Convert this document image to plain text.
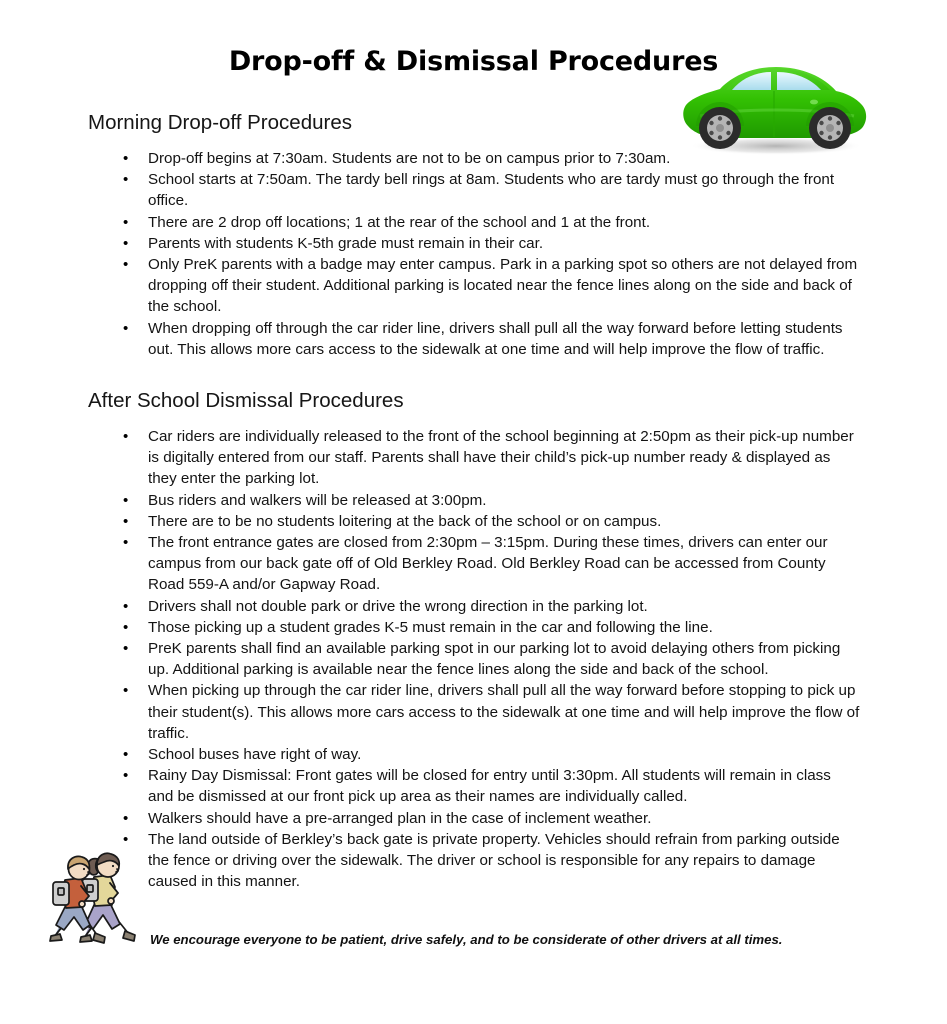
Drop-off & Dismissal Procedures
Morning Drop-off Procedures
• Drop-off begins at 7:30am. Students are not to be on campus prior to 7:30am.
• School starts at 7:50am. The tardy bell rings at 8am. Students who are tardy must go through the front office.
• There are 2 drop off locations; 1 at the rear of the school and 1 at the front.
• Parents with students K-5th grade must remain in their car.
• Only PreK parents with a badge may enter campus. Park in a parking spot so others are not delayed from dropping off their student. Additional parking is located near the fence lines along on the side and back of the school.
• When dropping off through the car rider line, drivers shall pull all the way forward before letting students out. This allows more cars access to the sidewalk at one time and will help improve the flow of traffic.
After School Dismissal Procedures
• Car riders are individually released to the front of the school beginning at 2:50pm as their pick-up number is digitally entered from our staff. Parents shall have their child’s pick-up number ready & displayed as they enter the parking lot.
• Bus riders and walkers will be released at 3:00pm.
• There are to be no students loitering at the back of the school or on campus.
• The front entrance gates are closed from 2:30pm – 3:15pm. During these times, drivers can enter our campus from our back gate off of Old Berkley Road. Old Berkley Road can be accessed from County Road 559-A and/or Gapway Road.
• Drivers shall not double park or drive the wrong direction in the parking lot.
• Those picking up a student grades K-5 must remain in the car and following the line.
• PreK parents shall find an available parking spot in our parking lot to avoid delaying others from picking up. Additional parking is available near the fence lines along the side and back of the school.
• When picking up through the car rider line, drivers shall pull all the way forward before stopping to pick up their student(s). This allows more cars access to the sidewalk at one time and will help improve the flow of traffic.
• School buses have right of way.
• Rainy Day Dismissal: Front gates will be closed for entry until 3:30pm. All students will remain in class and be dismissed at our front pick up area as their names are individually called.
• Walkers should have a pre-arranged plan in the case of inclement weather.
• The land outside of Berkley’s back gate is private property. Vehicles should refrain from parking outside the fence or driving over the sidewalk. The driver or school is responsible for any repairs to damage caused in this manner.
We encourage everyone to be patient, drive safely, and to be considerate of other drivers at all times.
